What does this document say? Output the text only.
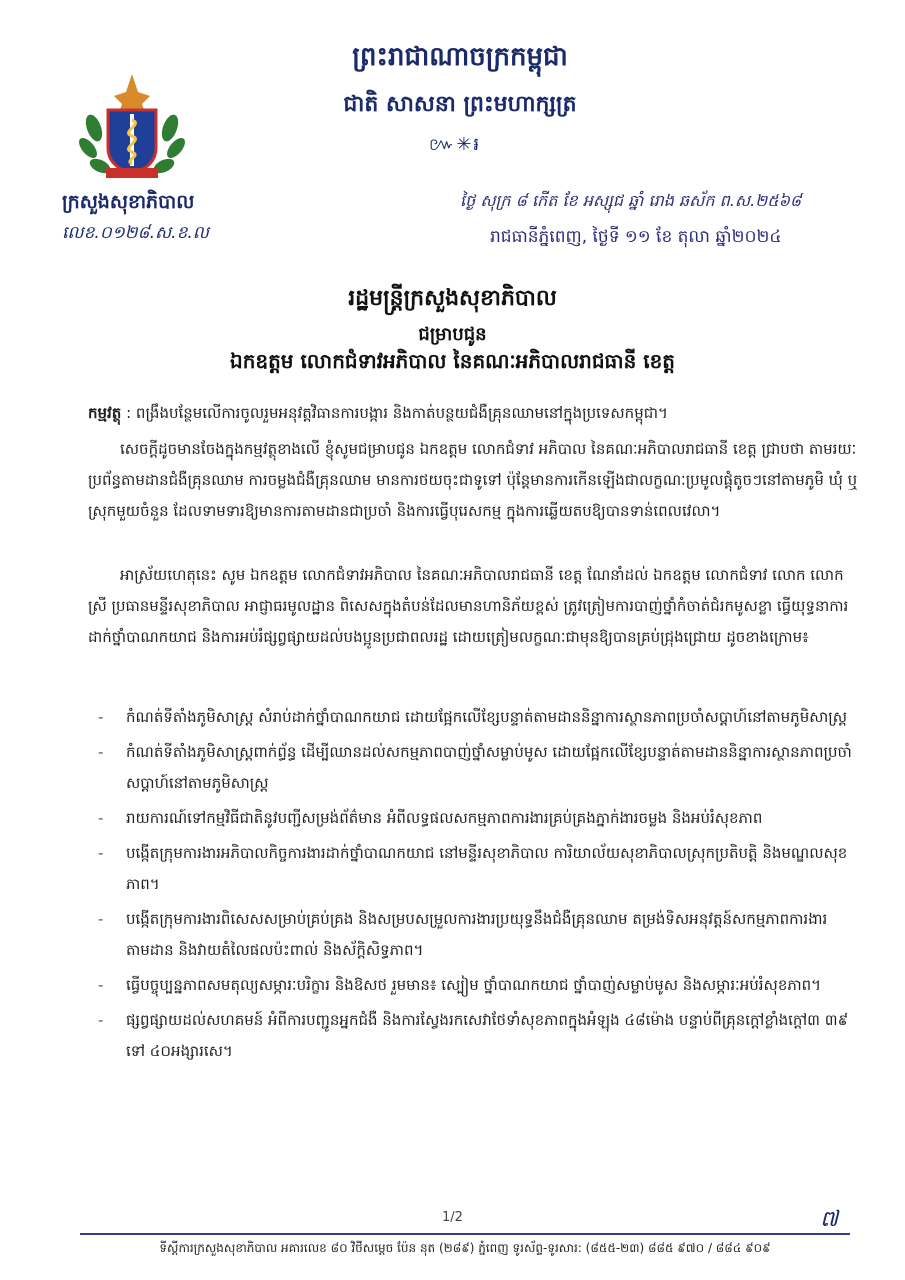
ព្រះរាជាណាចក្រកម្ពុជា
ជាតិ សាសនា ព្រះមហាក្សត្រ
៚✳៛
ក្រសួងសុខាភិបាល
លេខ.០១២៨.ស.ខ.ល
ថ្ងៃ សុក្រ ៨ កើត ខែ អស្សុជ ឆ្នាំ រោង ឆស័ក ព.ស.២៥៦៨
រាជធានីភ្នំពេញ, ថ្ងៃទី ១១ ខែ តុលា ឆ្នាំ២០២៤
រដ្ឋមន្ត្រីក្រសួងសុខាភិបាល
ជម្រាបជូន
ឯកឧត្តម លោកជំទាវអភិបាល នៃគណៈអភិបាលរាជធានី ខេត្ត
កម្មវត្ថុ : ពង្រឹងបន្ថែមលើការចូលរួមអនុវត្តវិធានការបង្ការ និងកាត់បន្ថយជំងឺគ្រុនឈាមនៅក្នុងប្រទេសកម្ពុជា។
សេចក្តីដូចមានចែងក្នុងកម្មវត្ថុខាងលើ ខ្ញុំសូមជម្រាបជូន ឯកឧត្តម លោកជំទាវ អភិបាល នៃគណៈអភិបាលរាជធានី ខេត្ត ជ្រាបថា តាមរយៈប្រព័ន្ធតាមដានជំងឺគ្រុនឈាម ការចម្លងជំងឺគ្រុនឈាម មានការថយចុះជាទូទៅ ប៉ុន្តែមានការកើនឡើងជាលក្ខណៈប្រមូលផ្តុំតូចៗនៅតាមភូមិ ឃុំ ឬស្រុកមួយចំនួន ដែលទាមទារឱ្យមានការតាមដានជាប្រចាំ និងការធ្វើបុរេសកម្ម ក្នុងការឆ្លើយតបឱ្យបានទាន់ពេលវេលា។
អាស្រ័យហេតុនេះ សូម ឯកឧត្តម លោកជំទាវអភិបាល នៃគណៈអភិបាលរាជធានី ខេត្ត ណែនាំដល់ ឯកឧត្តម លោកជំទាវ លោក លោកស្រី ប្រធានមន្ទីរសុខាភិបាល អាជ្ញាធរមូលដ្ឋាន ពិសេសក្នុងតំបន់ដែលមានហានិភ័យខ្ពស់ ត្រូវត្រៀមការបាញ់ថ្នាំកំចាត់ជំរកមូសខ្លា ធ្វើយុទ្ធនាការដាក់ថ្នាំបាណកយាជ និងការអប់រំផ្សព្វផ្សាយដល់បងប្អូនប្រជាពលរដ្ឋ ដោយត្រៀមលក្ខណៈជាមុនឱ្យបានគ្រប់ជ្រុងជ្រោយ ដូចខាងក្រោម៖
- កំណត់ទីតាំងភូមិសាស្ត្រ សំរាប់ដាក់ថ្នាំបាណកយាជ ដោយផ្អែកលើខ្សែបន្ទាត់តាមដាននិន្នាការស្ថានភាពប្រចាំសប្តាហ៍នៅតាមភូមិសាស្ត្រ
- កំណត់ទីតាំងភូមិសាស្ត្រពាក់ព្ធ័ន្ធ ដើម្បីឈានដល់សកម្មភាពបាញ់ថ្នាំសម្លាប់មូស ដោយផ្អែកលើខ្សែបន្ទាត់តាមដាននិន្នាការស្ថានភាពប្រចាំសប្តាហ៍នៅតាមភូមិសាស្ត្រ
- រាយការណ៍ទៅកម្មវិធីជាតិនូវបញ្ជីសម្រង់ព័ត៌មាន អំពីលទ្ធផលសកម្មភាពការងារគ្រប់គ្រងភ្នាក់ងារចម្លង និងអប់រំសុខភាព
- បង្កើតក្រុមការងារអភិបាលកិច្ចការងារដាក់ថ្នាំបាណកយាជ នៅមន្ទីរសុខាភិបាល ការិយាល័យសុខាភិបាលស្រុកប្រតិបត្តិ និងមណ្ឌលសុខភាព។
- បង្កើតក្រុមការងារពិសេសសម្រាប់គ្រប់គ្រង និងសម្របសម្រួលការងារប្រយុទ្ធនឹងជំងឺគ្រុនឈាម តម្រង់ទិសអនុវត្តន៍សកម្មភាពការងារតាមដាន និងវាយតំលៃផលប៉ះពាល់ និងស័ក្តិសិទ្ធភាព។
- ធ្វើបច្ចុប្បន្នភាពសមតុល្យសម្ភារៈបរិក្ខារ និងឱសថ រួមមាន៖ ស្បៀម ថ្នាំបាណកយាជ ថ្នាំបាញ់សម្លាប់មូស និងសម្ភារៈអប់រំសុខភាព។
- ផ្សព្វផ្សាយដល់សហគមន៍ អំពីការបញ្ជូនអ្នកជំងឺ និងការស្វែងរកសេវាថែទាំសុខភាពក្នុងអំឡុង ៤៨ម៉ោង បន្ទាប់ពីគ្រុនក្តៅខ្លាំងក្តៅ៣ ៣៩ ទៅ ៤០អង្សារសេ។
1/2	៧
ទីស្តីការក្រសួងសុខាភិបាល អគារលេខ ៨០ វិថីសម្តេច ប៉ែន នុត (២៨៩) ភ្នំពេញ ទូរស័ព្ទ-ទូរសារ: (៨៥៥-២៣) ៨៨៥ ៩៧០ / ៨៨៤ ៩០៩
